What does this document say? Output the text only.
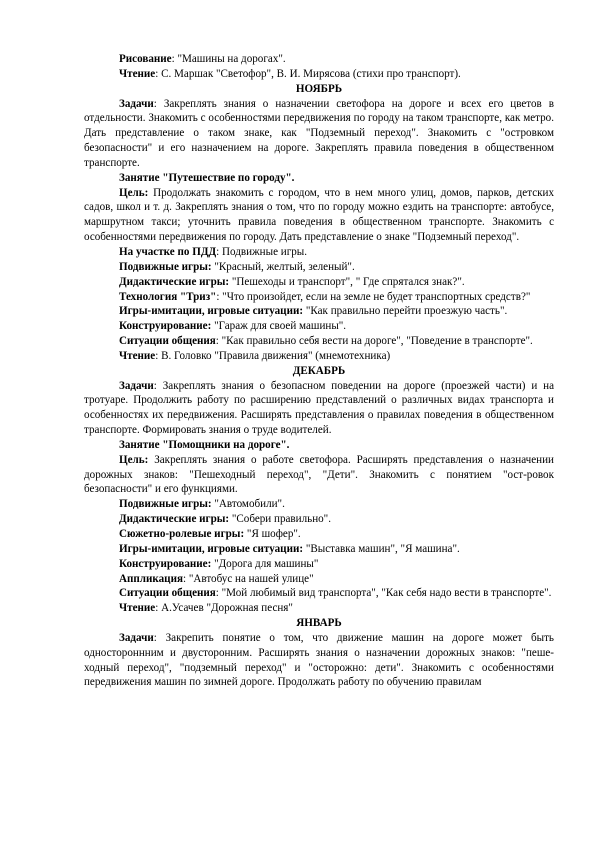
Рисование: "Машины на дорогах".

Чтение: С. Маршак "Светофор", В. И. Мирясова (стихи про транспорт).

НОЯБРЬ

Задачи: Закреплять знания о назначении светофора на дороге и всех его цветов в отдельности. Знакомить с особенностями передвижения по городу на таком транспорте, как метро. Дать представление о таком знаке, как "Подземный переход". Знакомить с "островком безопасности" и его назначением на дороге. Закреплять правила поведения в общественном транспорте.

Занятие "Путешествие по городу".

Цель: Продолжать знакомить с городом, что в нем много улиц, домов, парков, детских садов, школ и т. д. Закреплять знания о том, что по городу можно ездить на транспорте: автобусе, маршрутном такси; уточнить правила поведения в общественном транспорте. Знакомить с особенностями передвижения по городу. Дать представление о знаке "Подземный переход".

На участке по ПДД: Подвижные игры.

Подвижные игры: "Красный, желтый, зеленый".

Дидактические игры: "Пешеходы и транспорт", " Где спрятался знак?".

Технология "Триз": "Что произойдет, если на земле не будет транспортных средств?"

Игры-имитации, игровые ситуации: "Как правильно перейти проезжую часть".

Конструирование: "Гараж для своей машины".

Ситуации общения: "Как правильно себя вести на дороге", "Поведение в транспорте".

Чтение: В. Головко "Правила движения" (мнемотехника)

ДЕКАБРЬ

Задачи: Закреплять знания о безопасном поведении на дороге (проезжей части) и на тротуаре. Продолжить работу по расширению представлений о различных видах транспорта и особенностях их передвижения. Расширять представления о правилах поведения в общественном транспорте. Формировать знания о труде водителей.

Занятие "Помощники на дороге".

Цель: Закреплять знания о работе светофора. Расширять представления о назначении дорожных знаков: "Пешеходный переход", "Дети". Знакомить с понятием "ост-ровок безопасности" и его функциями.

Подвижные игры: "Автомобили".

Дидактические игры: "Собери правильно".

Сюжетно-ролевые игры: "Я шофер".

Игры-имитации, игровые ситуации: "Выставка машин", "Я машина".

Конструирование: "Дорога для машины"

Аппликация: "Автобус на нашей улице"

Ситуации общения: "Мой любимый вид транспорта", "Как себя надо вести в транспорте".

Чтение: А.Усачев "Дорожная песня"

ЯНВАРЬ

Задачи: Закрепить понятие о том, что движение машин на дороге может быть одностороннним и двусторонним. Расширять знания о назначении дорожных знаков: "пеше-ходный переход", "подземный переход" и "осторожно: дети". Знакомить с особенностями передвижения машин по зимней дороге. Продолжать работу по обучению правилам
